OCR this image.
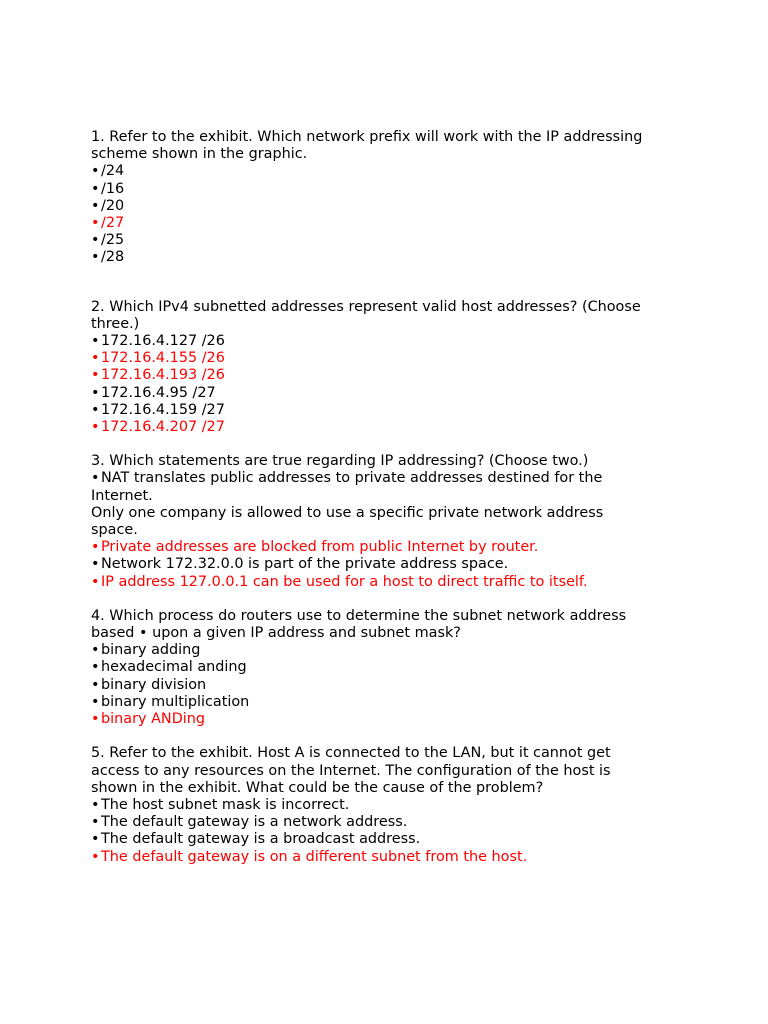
1. Refer to the exhibit. Which network prefix will work with the IP addressing
scheme shown in the graphic.
• /24
• /16
• /20
• /27
• /25
• /28
2. Which IPv4 subnetted addresses represent valid host addresses? (Choose
three.)
• 172.16.4.127 /26
• 172.16.4.155 /26
• 172.16.4.193 /26
• 172.16.4.95 /27
• 172.16.4.159 /27
• 172.16.4.207 /27
3. Which statements are true regarding IP addressing? (Choose two.)
• NAT translates public addresses to private addresses destined for the
Internet.
Only one company is allowed to use a specific private network address
space.
• Private addresses are blocked from public Internet by router.
• Network 172.32.0.0 is part of the private address space.
• IP address 127.0.0.1 can be used for a host to direct traffic to itself.
4. Which process do routers use to determine the subnet network address
based • upon a given IP address and subnet mask?
• binary adding
• hexadecimal anding
• binary division
• binary multiplication
• binary ANDing
5. Refer to the exhibit. Host A is connected to the LAN, but it cannot get
access to any resources on the Internet. The configuration of the host is
shown in the exhibit. What could be the cause of the problem?
• The host subnet mask is incorrect.
• The default gateway is a network address.
• The default gateway is a broadcast address.
• The default gateway is on a different subnet from the host.
